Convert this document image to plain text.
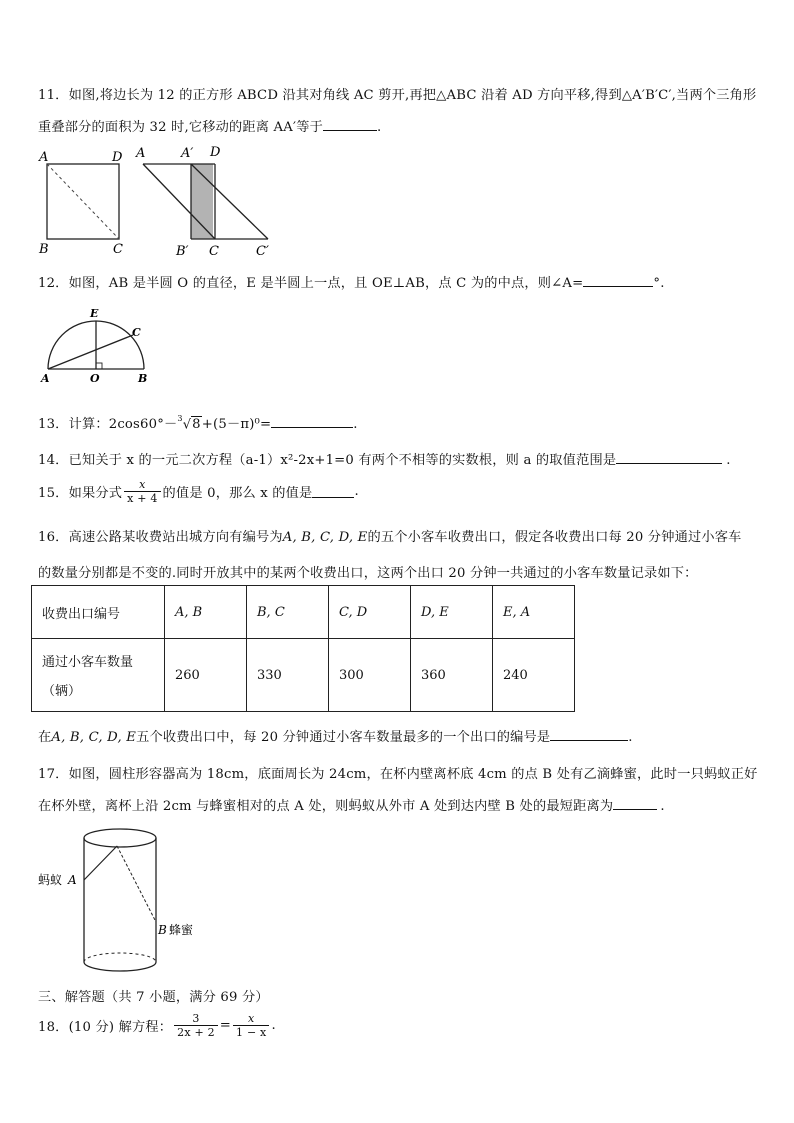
11．如图,将边长为 12 的正方形 ABCD 沿其对角线 AC 剪开,再把△ABC 沿着 AD 方向平移,得到△A′B′C′,当两个三角形
重叠部分的面积为 32 时,它移动的距离 AA′等于	.
A	D
B	C
A	A′ D
B′ C	C′
12．如图，AB 是半圆 O 的直径，E 是半圆上一点，且 OE⊥AB，点 C 为的中点，则∠A=	°.
E
C
A	O	B
13．计算：2cos60°－$^3$√8+(5－π)⁰=	.
14．已知关于 x 的一元二次方程（a-1）x²-2x+1=0 有两个不相等的实数根，则 a 的取值范围是	.
15．如果分式 $\frac{x}{x + 4}$ 的值是 0，那么 x 的值是	.
16．高速公路某收费站出城方向有编号为A, B, C, D, E的五个小客车收费出口，假定各收费出口每 20 分钟通过小客车
的数量分别都是不变的.同时开放其中的某两个收费出口，这两个出口 20 分钟一共通过的小客车数量记录如下：
收费出口编号	A, B	B, C	C, D	D, E	E, A

通过小客车数量
（辆）	260	330	300	360	240
在A, B, C, D, E五个收费出口中，每 20 分钟通过小客车数量最多的一个出口的编号是	.
17．如图，圆柱形容器高为 18cm，底面周长为 24cm，在杯内壁离杯底 4cm 的点 B 处有乙滴蜂蜜，此时一只蚂蚁正好
在杯外壁，离杯上沿 2cm 与蜂蜜相对的点 A 处，则蚂蚁从外市 A 处到达内壁 B 处的最短距离为	.
蚂蚁 A
B 蜂蜜
三、解答题（共 7 小题，满分 69 分）
18．(10 分) 解方程： $\frac{3}{2x + 2} = \frac{x}{1 - x}$ .
